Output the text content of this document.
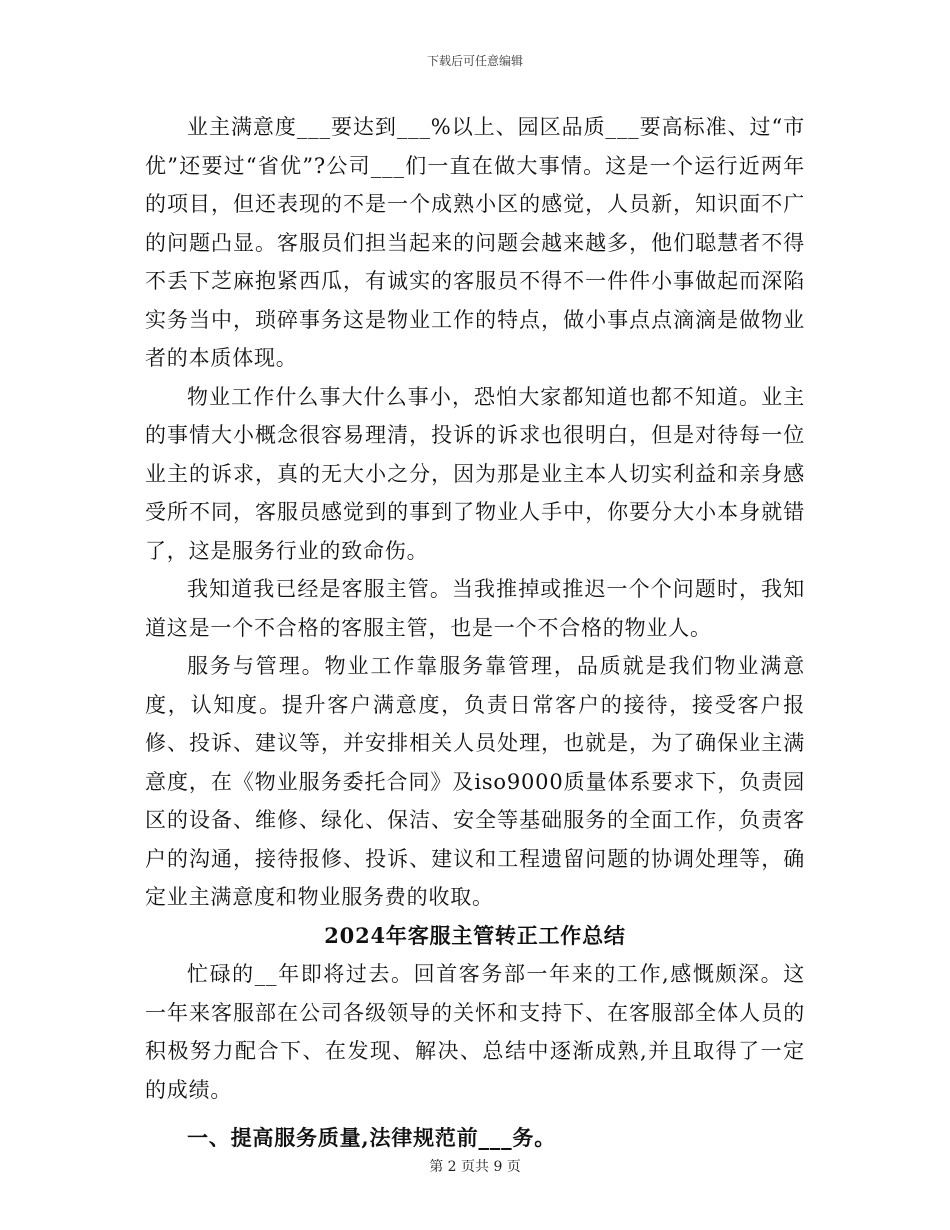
下载后可任意编辑

业主满意度___要达到___%以上、园区品质___要高标准、过“市优”还要过“省优”?公司___们一直在做大事情。这是一个运行近两年的项目，但还表现的不是一个成熟小区的感觉，人员新，知识面不广的问题凸显。客服员们担当起来的问题会越来越多，他们聪慧者不得不丢下芝麻抱紧西瓜，有诚实的客服员不得不一件件小事做起而深陷实务当中，琐碎事务这是物业工作的特点，做小事点点滴滴是做物业者的本质体现。

物业工作什么事大什么事小，恐怕大家都知道也都不知道。业主的事情大小概念很容易理清，投诉的诉求也很明白，但是对待每一位业主的诉求，真的无大小之分，因为那是业主本人切实利益和亲身感受所不同，客服员感觉到的事到了物业人手中，你要分大小本身就错了，这是服务行业的致命伤。

我知道我已经是客服主管。当我推掉或推迟一个个问题时，我知道这是一个不合格的客服主管，也是一个不合格的物业人。

服务与管理。物业工作靠服务靠管理，品质就是我们物业满意度，认知度。提升客户满意度，负责日常客户的接待，接受客户报修、投诉、建议等，并安排相关人员处理，也就是，为了确保业主满意度，在《物业服务委托合同》及iso9000质量体系要求下，负责园区的设备、维修、绿化、保洁、安全等基础服务的全面工作，负责客户的沟通，接待报修、投诉、建议和工程遗留问题的协调处理等，确定业主满意度和物业服务费的收取。

2024年客服主管转正工作总结

忙碌的__年即将过去。回首客务部一年来的工作,感慨颇深。这一年来客服部在公司各级领导的关怀和支持下、在客服部全体人员的积极努力配合下、在发现、解决、总结中逐渐成熟,并且取得了一定的成绩。

一、提高服务质量,法律规范前___务。

第 2 页共 9 页
